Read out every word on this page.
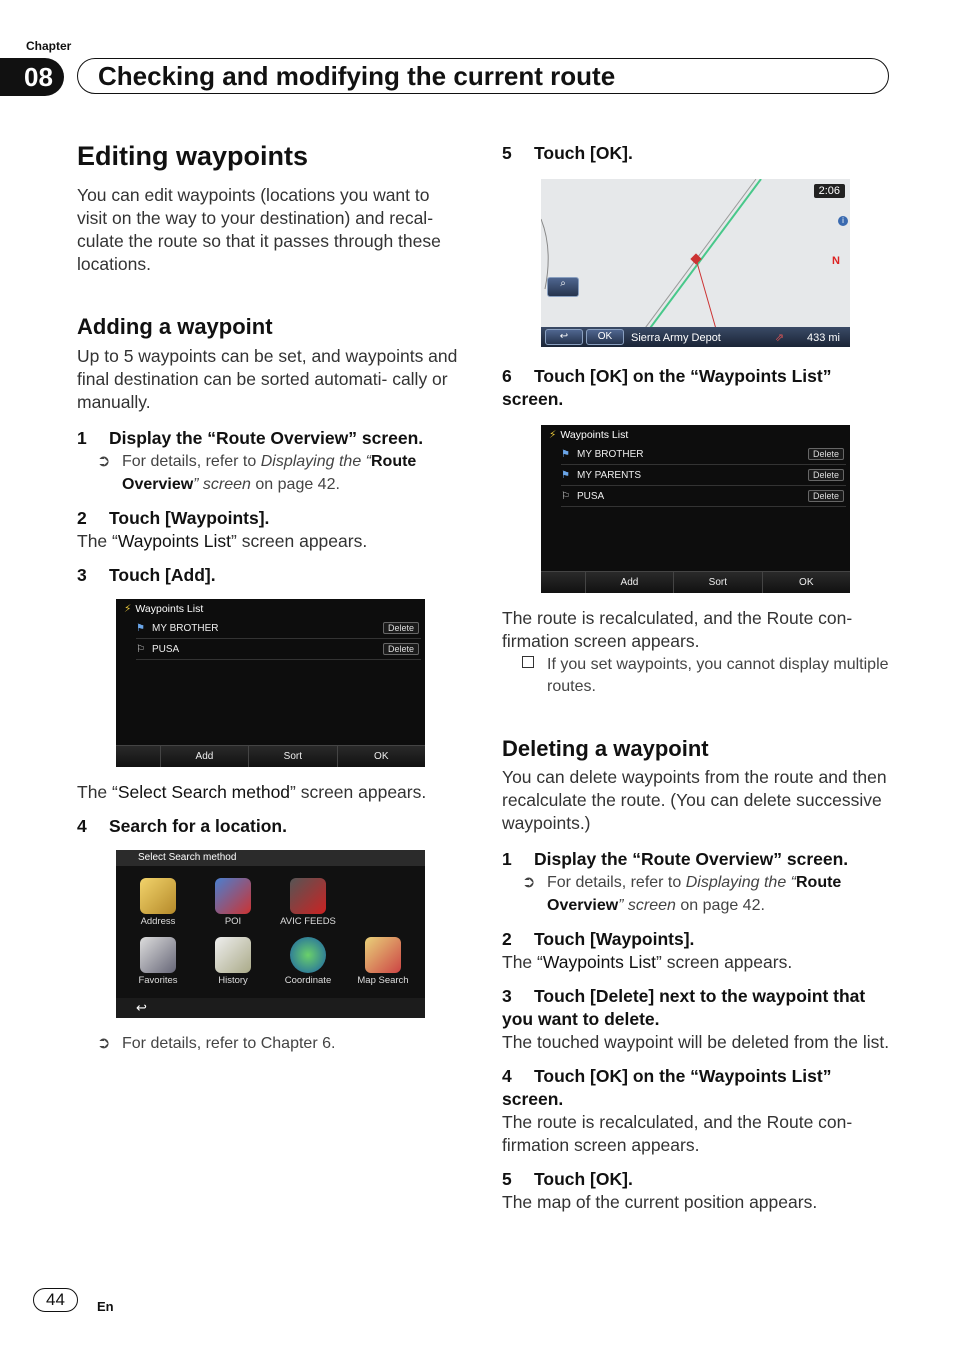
Chapter
08	Checking and modifying the current route
Editing waypoints

You can edit waypoints (locations you want to visit on the way to your destination) and recal- culate the route so that it passes through these locations.

Adding a waypoint

Up to 5 waypoints can be set, and waypoints and final destination can be sorted automati- cally or manually.

1 Display the “Route Overview” screen.
➲ For details, refer to Displaying the “Route Overview” screen on page 42.
2 Touch [Waypoints].

The “Waypoints List” screen appears.

3 Touch [Add].
⚡ Waypoints List
⚑ MY BROTHER	Delete
⚐ PUSA	Delete
Add	Sort	OK

The “Select Search method” screen appears.

4 Search for a location.
Select Search method
Address	POI	AVIC FEEDS
Favorites	History	Coordinate	Map Search
↩
➲ For details, refer to Chapter 6.
5 Touch [OK].
2:06
i
N
⌕
↩	OK	Sierra Army Depot	⇗ 433 mi
6 Touch [OK] on the “Waypoints List” screen.
⚡ Waypoints List
⚑ MY BROTHER	Delete
⚑ MY PARENTS	Delete
⚐ PUSA	Delete
Add	Sort	OK

The route is recalculated, and the Route con- firmation screen appears.

If you set waypoints, you cannot display multiple routes.
Deleting a waypoint

You can delete waypoints from the route and then recalculate the route. (You can delete successive waypoints.)

1 Display the “Route Overview” screen.
➲ For details, refer to Displaying the “Route Overview” screen on page 42.
2 Touch [Waypoints].

The “Waypoints List” screen appears.

3 Touch [Delete] next to the waypoint that you want to delete.

The touched waypoint will be deleted from the list.

4 Touch [OK] on the “Waypoints List” screen.

The route is recalculated, and the Route con- firmation screen appears.

5 Touch [OK].

The map of the current position appears.

44	En
